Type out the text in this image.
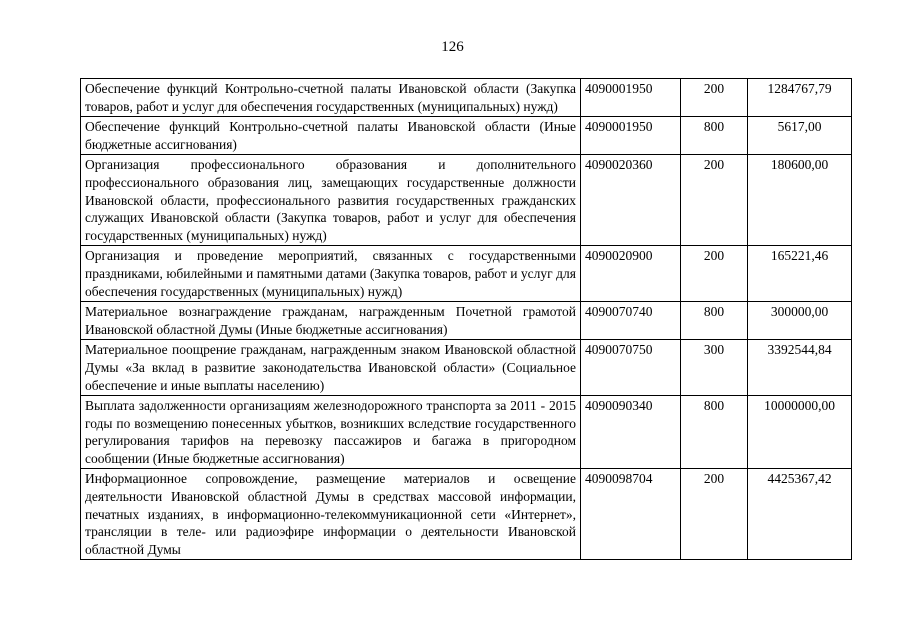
126
Обеспечение функций Контрольно-счетной палаты Ивановской области (Закупка товаров, работ и услуг для обеспечения государственных (муниципальных) нужд)	4090001950	200	1284767,79
Обеспечение функций Контрольно-счетной палаты Ивановской области (Иные бюджетные ассигнования)	4090001950	800	5617,00
Организация профессионального образования и дополнительного профессионального образования лиц, замещающих государственные должности Ивановской области, профессионального развития государственных гражданских служащих Ивановской области (Закупка товаров, работ и услуг для обеспечения государственных (муниципальных) нужд)	4090020360	200	180600,00
Организация и проведение мероприятий, связанных с государственными праздниками, юбилейными и памятными датами (Закупка товаров, работ и услуг для обеспечения государственных (муниципальных) нужд)	4090020900	200	165221,46
Материальное вознаграждение гражданам, награжденным Почетной грамотой Ивановской областной Думы (Иные бюджетные ассигнования)	4090070740	800	300000,00
Материальное поощрение гражданам, награжденным знаком Ивановской областной Думы «За вклад в развитие законодательства Ивановской области» (Социальное обеспечение и иные выплаты населению)	4090070750	300	3392544,84
Выплата задолженности организациям железнодорожного транспорта за 2011 - 2015 годы по возмещению понесенных убытков, возникших вследствие государственного регулирования тарифов на перевозку пассажиров и багажа в пригородном сообщении (Иные бюджетные ассигнования)	4090090340	800	10000000,00
Информационное сопровождение, размещение материалов и освещение деятельности Ивановской областной Думы в средствах массовой информации, печатных изданиях, в информационно-телекоммуникационной сети «Интернет», трансляции в теле- или радиоэфире информации о деятельности Ивановской областной Думы	4090098704	200	4425367,42
